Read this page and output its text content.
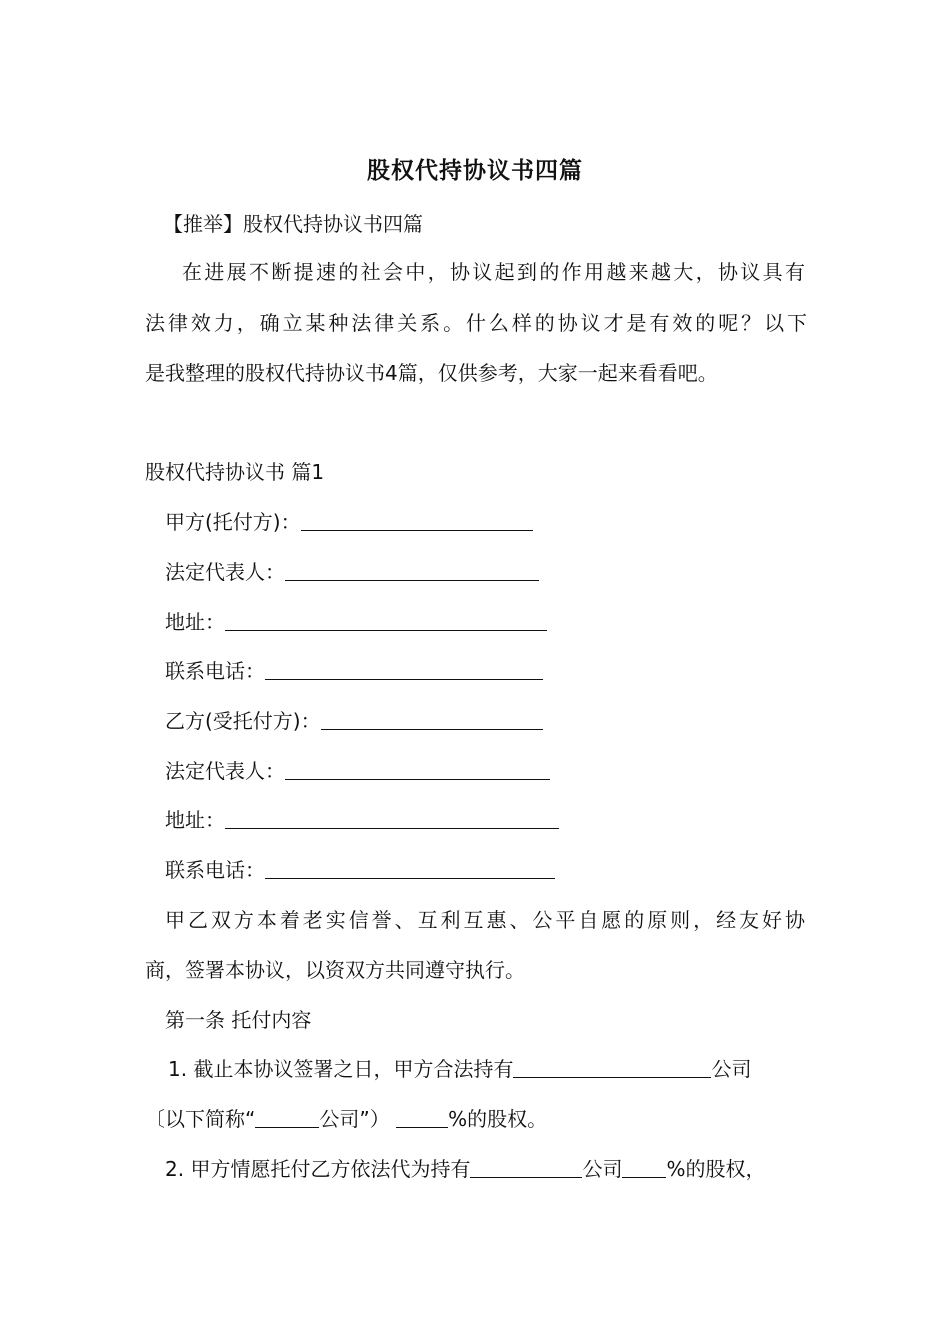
股权代持协议书四篇
【推举】股权代持协议书四篇
在进展不断提速的社会中，协议起到的作用越来越大，协议具有
法律效力，确立某种法律关系。什么样的协议才是有效的呢？以下
是我整理的股权代持协议书4篇，仅供参考，大家一起来看看吧。
股权代持协议书 篇1
甲方(托付方)：
法定代表人：
地址：
联系电话：
乙方(受托付方)：
法定代表人：
地址：
联系电话：
甲乙双方本着老实信誉、互利互惠、公平自愿的原则，经友好协
商，签署本协议，以资双方共同遵守执行。
第一条 托付内容
1. 截止本协议签署之日，甲方合法持有	公司
〔以下简称“	公司”）	%的股权。
2. 甲方情愿托付乙方依法代为持有	公司 %的股权，
